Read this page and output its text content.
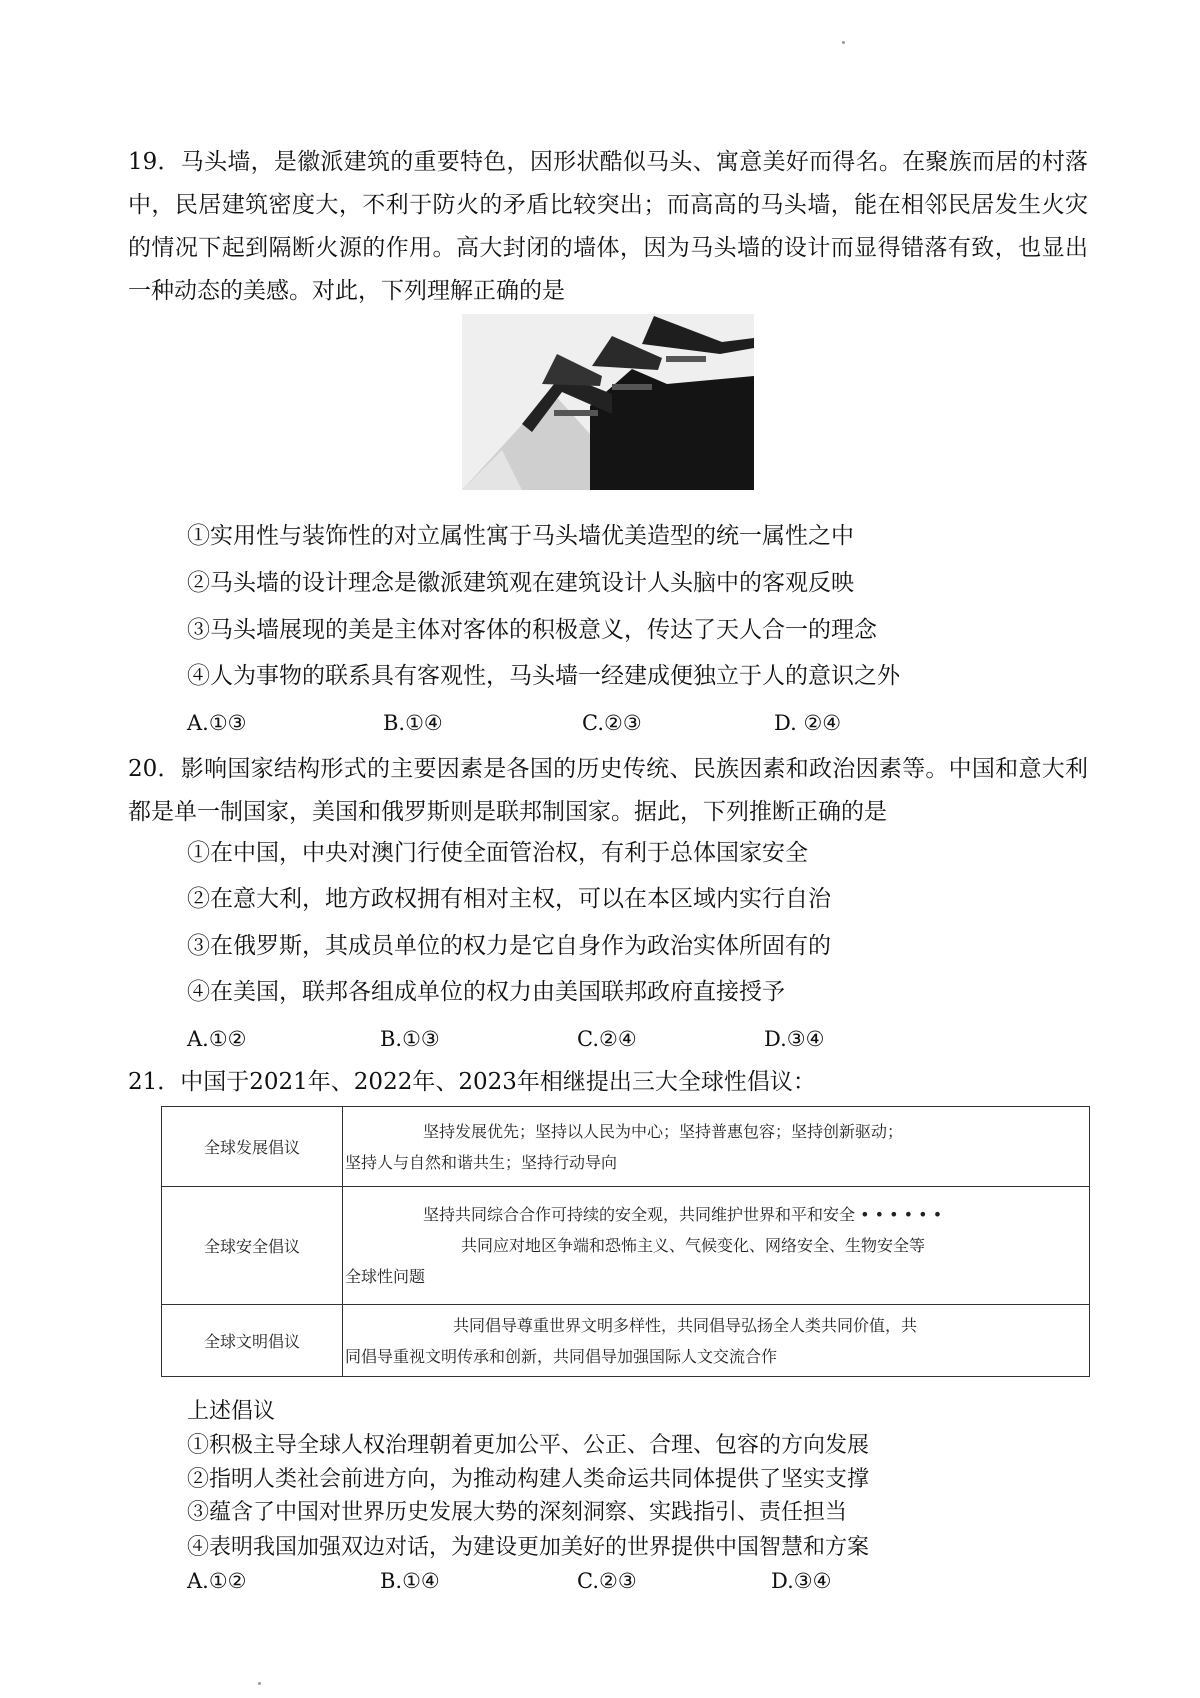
19．马头墙，是徽派建筑的重要特色，因形状酷似马头、寓意美好而得名。在聚族而居的村落中，民居建筑密度大，不利于防火的矛盾比较突出；而高高的马头墙，能在相邻民居发生火灾的情况下起到隔断火源的作用。高大封闭的墙体，因为马头墙的设计而显得错落有致，也显出一种动态的美感。对此，下列理解正确的是
①实用性与装饰性的对立属性寓于马头墙优美造型的统一属性之中
②马头墙的设计理念是徽派建筑观在建筑设计人头脑中的客观反映
③马头墙展现的美是主体对客体的积极意义，传达了天人合一的理念
④人为事物的联系具有客观性，马头墙一经建成便独立于人的意识之外
A.①③	B.①④	C.②③	D. ②④
20．影响国家结构形式的主要因素是各国的历史传统、民族因素和政治因素等。中国和意大利都是单一制国家，美国和俄罗斯则是联邦制国家。据此，下列推断正确的是
①在中国，中央对澳门行使全面管治权，有利于总体国家安全
②在意大利，地方政权拥有相对主权，可以在本区域内实行自治
③在俄罗斯，其成员单位的权力是它自身作为政治实体所固有的
④在美国，联邦各组成单位的权力由美国联邦政府直接授予
A.①②	B.①③	C.②④	D.③④
21．中国于2021年、2022年、2023年相继提出三大全球性倡议：
全球发展倡议	坚持发展优先；坚持以人民为中心；坚持普惠包容；坚持创新驱动；
坚持人与自然和谐共生；坚持行动导向

全球安全倡议	坚持共同综合合作可持续的安全观，共同维护世界和平和安全 • • • • • •
共同应对地区争端和恐怖主义、气候变化、网络安全、生物安全等
全球性问题

全球文明倡议	共同倡导尊重世界文明多样性，共同倡导弘扬全人类共同价值，共
同倡导重视文明传承和创新，共同倡导加强国际人文交流合作
上述倡议
①积极主导全球人权治理朝着更加公平、公正、合理、包容的方向发展
②指明人类社会前进方向，为推动构建人类命运共同体提供了坚实支撑
③蕴含了中国对世界历史发展大势的深刻洞察、实践指引、责任担当
④表明我国加强双边对话，为建设更加美好的世界提供中国智慧和方案
A.①②	B.①④	C.②③	D.③④
